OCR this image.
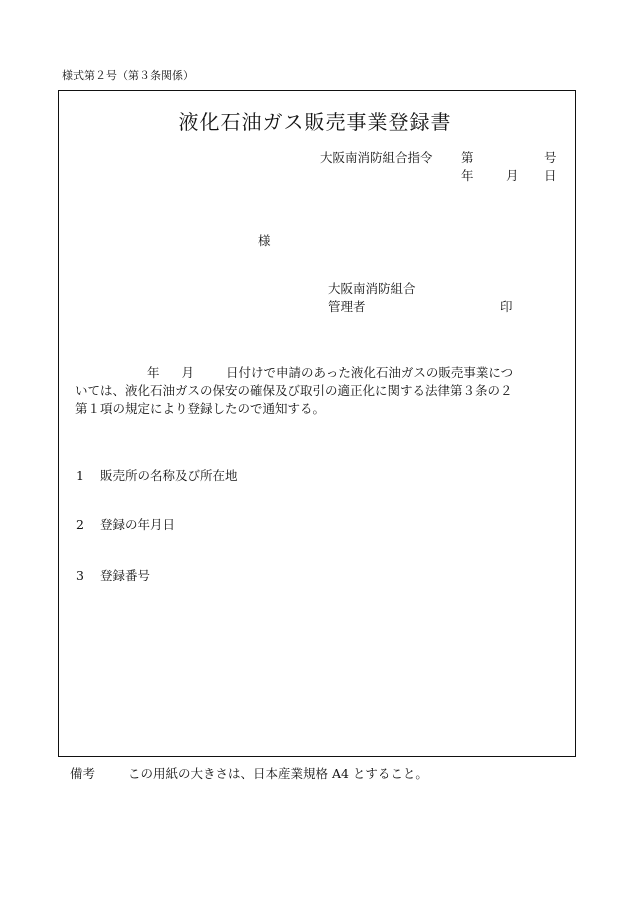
様式第２号（第３条関係）
液化石油ガス販売事業登録書
大阪南消防組合指令 第	号
年	月 日
様
大阪南消防組合
管理者	印
年 月	日付けで申請のあった液化石油ガスの販売事業につ
いては、液化石油ガスの保安の確保及び取引の適正化に関する法律第３条の２
第１項の規定により登録したので通知する。
1 販売所の名称及び所在地
2 登録の年月日
3 登録番号
備考	この用紙の大きさは、日本産業規格 A4 とすること。
